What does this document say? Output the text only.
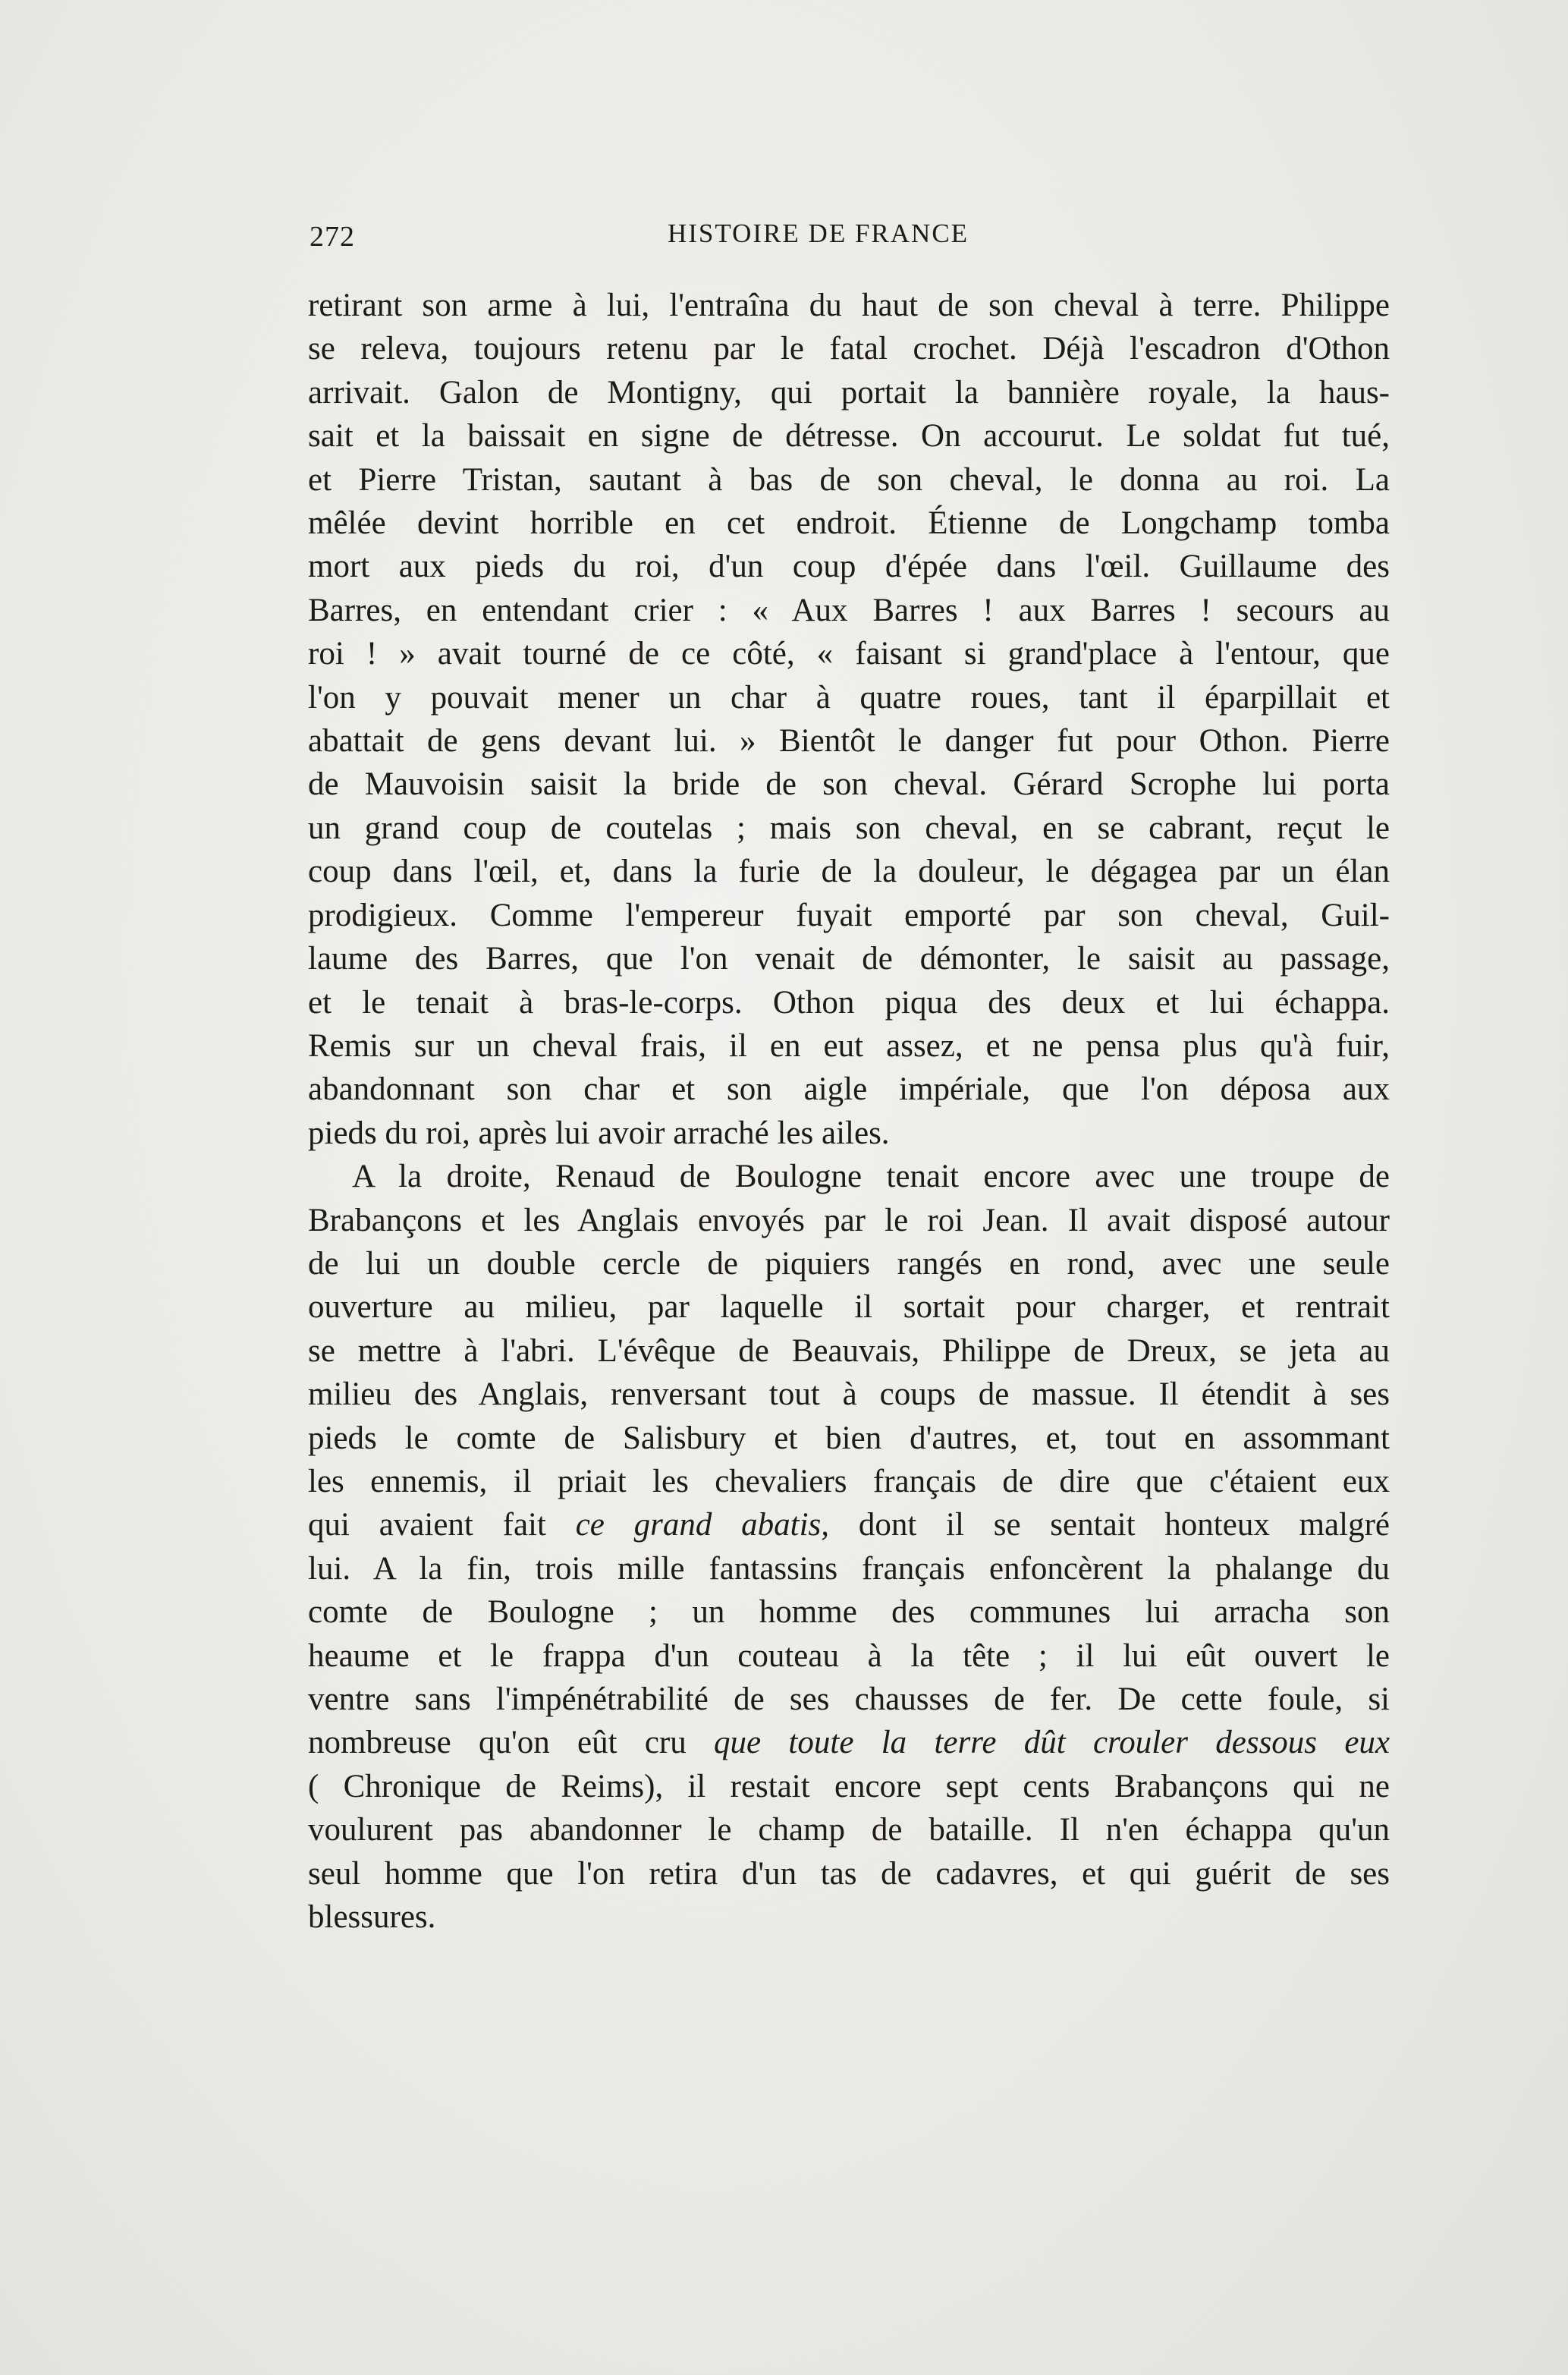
272	HISTOIRE DE FRANCE
retirant son arme à lui, l'entraîna du haut de son cheval à terre. Philippe
se releva, toujours retenu par le fatal crochet. Déjà l'escadron d'Othon
arrivait. Galon de Montigny, qui portait la bannière royale, la haus-
sait et la baissait en signe de détresse. On accourut. Le soldat fut tué,
et Pierre Tristan, sautant à bas de son cheval, le donna au roi. La
mêlée devint horrible en cet endroit. Étienne de Longchamp tomba
mort aux pieds du roi, d'un coup d'épée dans l'œil. Guillaume des
Barres, en entendant crier : « Aux Barres ! aux Barres ! secours au
roi ! » avait tourné de ce côté, « faisant si grand'place à l'entour, que
l'on y pouvait mener un char à quatre roues, tant il éparpillait et
abattait de gens devant lui. » Bientôt le danger fut pour Othon. Pierre
de Mauvoisin saisit la bride de son cheval. Gérard Scrophe lui porta
un grand coup de coutelas ; mais son cheval, en se cabrant, reçut le
coup dans l'œil, et, dans la furie de la douleur, le dégagea par un élan
prodigieux. Comme l'empereur fuyait emporté par son cheval, Guil-
laume des Barres, que l'on venait de démonter, le saisit au passage,
et le tenait à bras-le-corps. Othon piqua des deux et lui échappa.
Remis sur un cheval frais, il en eut assez, et ne pensa plus qu'à fuir,
abandonnant son char et son aigle impériale, que l'on déposa aux
pieds du roi, après lui avoir arraché les ailes.
A la droite, Renaud de Boulogne tenait encore avec une troupe de
Brabançons et les Anglais envoyés par le roi Jean. Il avait disposé autour
de lui un double cercle de piquiers rangés en rond, avec une seule
ouverture au milieu, par laquelle il sortait pour charger, et rentrait
se mettre à l'abri. L'évêque de Beauvais, Philippe de Dreux, se jeta au
milieu des Anglais, renversant tout à coups de massue. Il étendit à ses
pieds le comte de Salisbury et bien d'autres, et, tout en assommant
les ennemis, il priait les chevaliers français de dire que c'étaient eux
qui avaient fait ce grand abatis, dont il se sentait honteux malgré
lui. A la fin, trois mille fantassins français enfoncèrent la phalange du
comte de Boulogne ; un homme des communes lui arracha son
heaume et le frappa d'un couteau à la tête ; il lui eût ouvert le
ventre sans l'impénétrabilité de ses chausses de fer. De cette foule, si
nombreuse qu'on eût cru que toute la terre dût crouler dessous eux
( Chronique de Reims), il restait encore sept cents Brabançons qui ne
voulurent pas abandonner le champ de bataille. Il n'en échappa qu'un
seul homme que l'on retira d'un tas de cadavres, et qui guérit de ses
blessures.
